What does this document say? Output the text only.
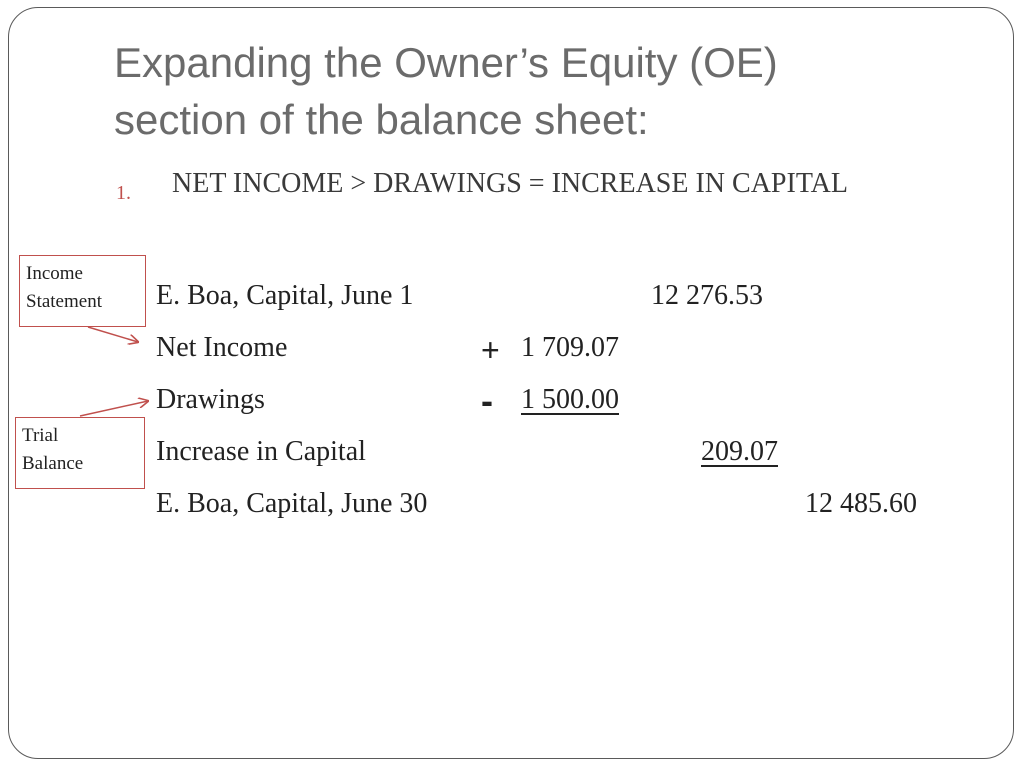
Expanding the Owner’s Equity (OE)
section of the balance sheet:
1. NET INCOME > DRAWINGS = INCREASE IN CAPITAL
Income
Statement
Trial
Balance
E. Boa, Capital, June 1	12 276.53
Net Income	+ 1 709.07
Drawings	- 1 500.00
Increase in Capital	209.07
E. Boa, Capital, June 30	12 485.60
